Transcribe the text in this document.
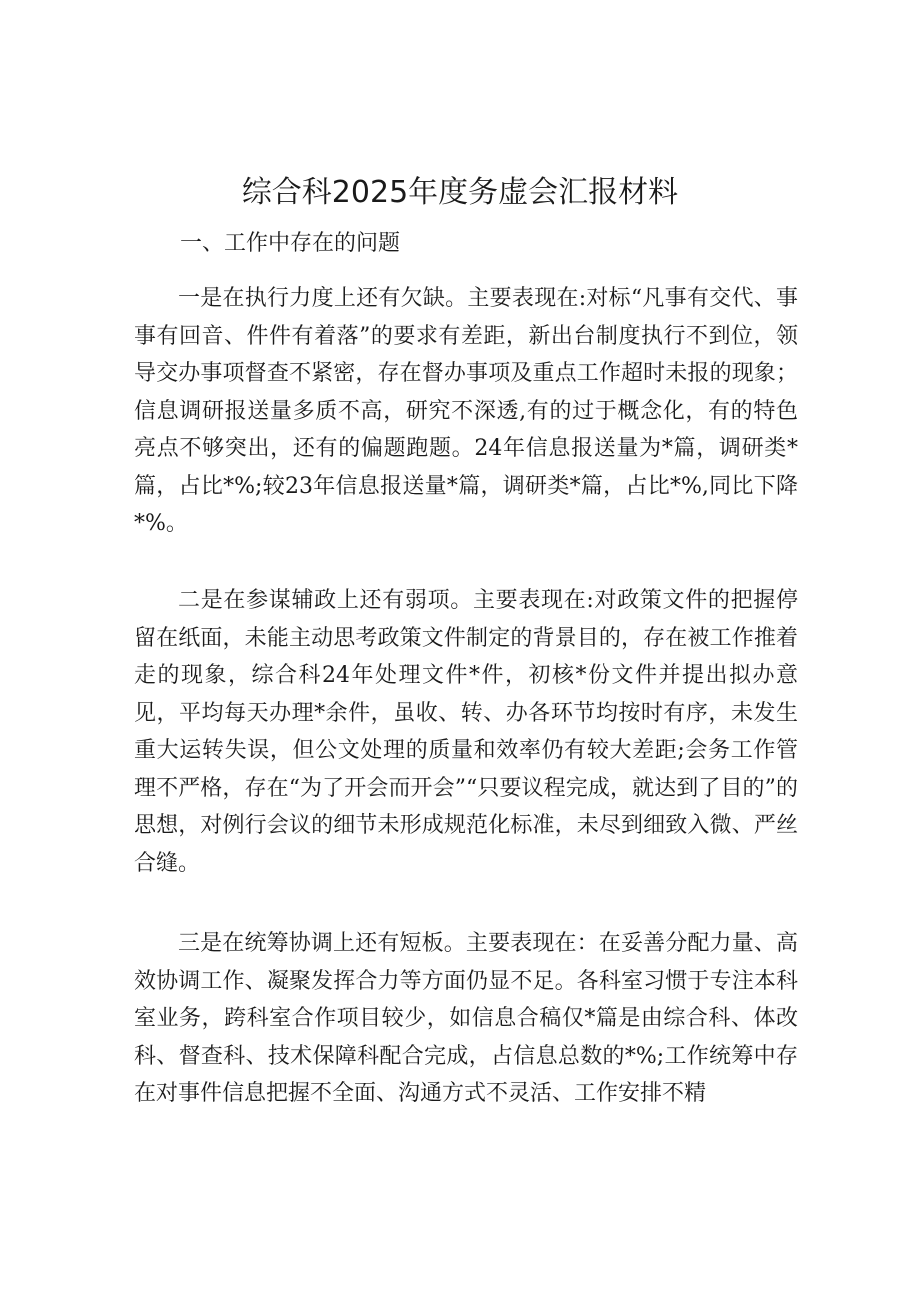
综合科2025年度务虚会汇报材料

一、工作中存在的问题

一是在执行力度上还有欠缺。主要表现在:对标“凡事有交代、事事有回音、件件有着落”的要求有差距，新出台制度执行不到位，领导交办事项督查不紧密，存在督办事项及重点工作超时未报的现象；信息调研报送量多质不高，研究不深透,有的过于概念化，有的特色亮点不够突出，还有的偏题跑题。24年信息报送量为*篇，调研类*篇，占比*%;较23年信息报送量*篇，调研类*篇，占比*%,同比下降*%。

二是在参谋辅政上还有弱项。主要表现在:对政策文件的把握停留在纸面，未能主动思考政策文件制定的背景目的，存在被工作推着走的现象，综合科24年处理文件*件，初核*份文件并提出拟办意见，平均每天办理*余件，虽收、转、办各环节均按时有序，未发生重大运转失误，但公文处理的质量和效率仍有较大差距;会务工作管理不严格，存在“为了开会而开会”“只要议程完成，就达到了目的”的思想，对例行会议的细节未形成规范化标准，未尽到细致入微、严丝合缝。

三是在统筹协调上还有短板。主要表现在：在妥善分配力量、高效协调工作、凝聚发挥合力等方面仍显不足。各科室习惯于专注本科室业务，跨科室合作项目较少，如信息合稿仅*篇是由综合科、体改科、督查科、技术保障科配合完成，占信息总数的*%;工作统筹中存在对事件信息把握不全面、沟通方式不灵活、工作安排不精
